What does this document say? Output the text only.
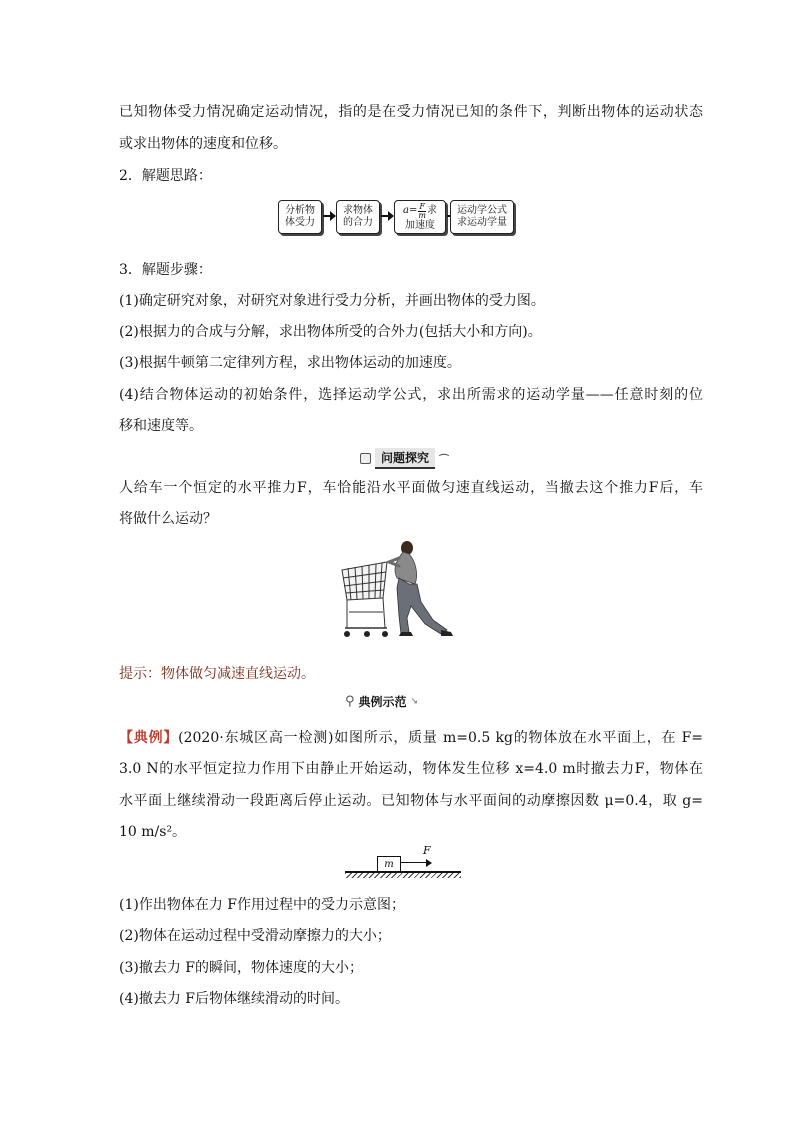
已知物体受力情况确定运动情况，指的是在受力情况已知的条件下，判断出物体的运动状态
或求出物体的速度和位移。
2．解题思路：
分析物
体受力
求物体
的合力
$a= \frac{F}{m}$ 求
加速度
运动学公式
求运动学量
3．解题步骤：
(1)确定研究对象，对研究对象进行受力分析，并画出物体的受力图。
(2)根据力的合成与分解，求出物体所受的合外力(包括大小和方向)。
(3)根据牛顿第二定律列方程，求出物体运动的加速度。
(4)结合物体运动的初始条件，选择运动学公式，求出所需求的运动学量——任意时刻的位
移和速度等。
问题探究	⌒
人给车一个恒定的水平推力F，车恰能沿水平面做匀速直线运动，当撤去这个推力F后，车
将做什么运动？
提示：物体做匀减速直线运动。
⚲ 典例示范 ↘
【典例】(2020·东城区高一检测)如图所示，质量 m=0.5 kg的物体放在水平面上，在 F=
3.0 N的水平恒定拉力作用下由静止开始运动，物体发生位移 x=4.0 m时撤去力F，物体在
水平面上继续滑动一段距离后停止运动。已知物体与水平面间的动摩擦因数 μ=0.4，取 g=
10 m/s²。
m
F
(1)作出物体在力 F作用过程中的受力示意图；
(2)物体在运动过程中受滑动摩擦力的大小；
(3)撤去力 F的瞬间，物体速度的大小；
(4)撤去力 F后物体继续滑动的时间。
